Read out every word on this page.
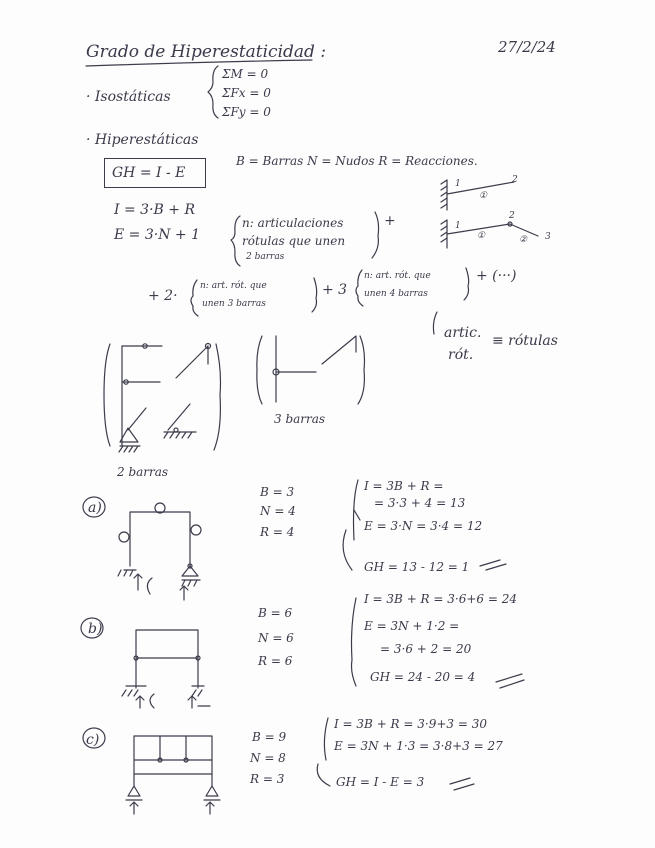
Grado de Hiperestaticidad :	27/2/24
· Isostáticas
ΣM = 0
ΣFx = 0
ΣFy = 0
· Hiperestáticas
GH = I - E
B = Barras N = Nudos R = Reacciones.
I = 3·B + R
E = 3·N + 1
n: articulaciones
rótulas que unen
2 barras
+
+ 2·
n: art. rót. que
unen 3 barras
+ 3
n: art. rót. que
unen 4 barras
+ (···)
artic.
rót.
≡ rótulas
3 barras
2 barras
1	2
1
2
3
①
①	②
a)
B = 3
N = 4
R = 4
I = 3B + R =
= 3·3 + 4 = 13
E = 3·N = 3·4 = 12
GH = 13 - 12 = 1
b)
B = 6
N = 6
R = 6
I = 3B + R = 3·6+6 = 24
E = 3N + 1·2 =
= 3·6 + 2 = 20
GH = 24 - 20 = 4
c)	B = 9
N = 8
R = 3
I = 3B + R = 3·9+3 = 30
E = 3N + 1·3 = 3·8+3 = 27
GH = I - E = 3
